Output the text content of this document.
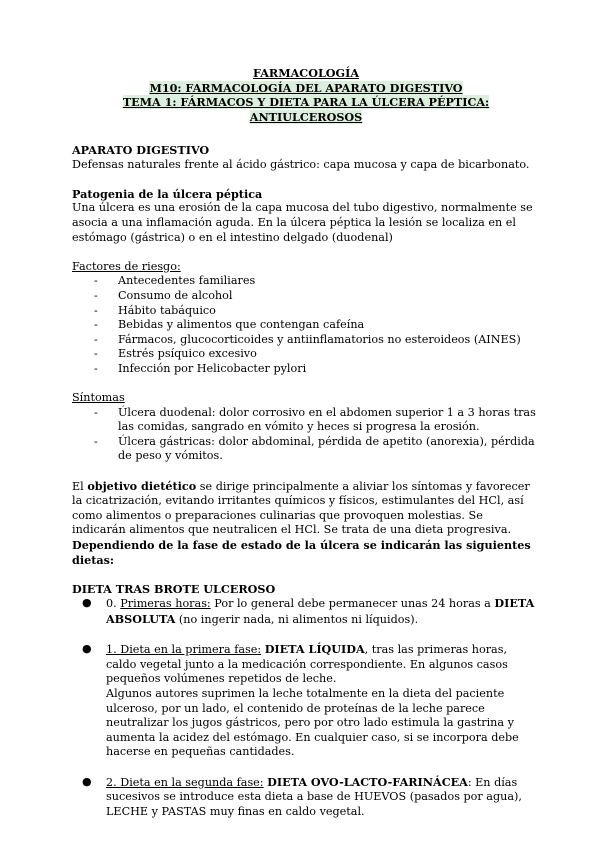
FARMACOLOGÍA

M10: FARMACOLOGÍA DEL APARATO DIGESTIVO

TEMA 1: FÁRMACOS Y DIETA PARA LA ÚLCERA PÉPTICA: ANTIULCEROSOS

APARATO DIGESTIVO

Defensas naturales frente al ácido gástrico: capa mucosa y capa de bicarbonato.

Patogenia de la úlcera péptica

Una úlcera es una erosión de la capa mucosa del tubo digestivo, normalmente se asocia a una inflamación aguda. En la úlcera péptica la lesión se localiza en el estómago (gástrica) o en el intestino delgado (duodenal)

Factores de riesgo:

- Antecedentes familiares
- Consumo de alcohol
- Hábito tabáquico
- Bebidas y alimentos que contengan cafeína
- Fármacos, glucocorticoides y antiinflamatorios no esteroideos (AINES)
- Estrés psíquico excesivo
- Infección por Helicobacter pylori

Síntomas

- Úlcera duodenal: dolor corrosivo en el abdomen superior 1 a 3 horas tras las comidas, sangrado en vómito y heces si progresa la erosión.
- Úlcera gástricas: dolor abdominal, pérdida de apetito (anorexia), pérdida de peso y vómitos.

El objetivo dietético se dirige principalmente a aliviar los síntomas y favorecer la cicatrización, evitando irritantes químicos y físicos, estimulantes del HCl, así como alimentos o preparaciones culinarias que provoquen molestias. Se indicarán alimentos que neutralicen el HCl. Se trata de una dieta progresiva.

Dependiendo de la fase de estado de la úlcera se indicarán las siguientes dietas:

DIETA TRAS BROTE ULCEROSO

● 0. Primeras horas: Por lo general debe permanecer unas 24 horas a DIETA ABSOLUTA (no ingerir nada, ni alimentos ni líquidos).
● 1. Dieta en la primera fase: DIETA LÍQUIDA, tras las primeras horas, caldo vegetal junto a la medicación correspondiente. En algunos casos pequeños volúmenes repetidos de leche.
Algunos autores suprimen la leche totalmente en la dieta del paciente ulceroso, por un lado, el contenido de proteínas de la leche parece neutralizar los jugos gástricos, pero por otro lado estimula la gastrina y aumenta la acidez del estómago. En cualquier caso, si se incorpora debe hacerse en pequeñas cantidades.
● 2. Dieta en la segunda fase: DIETA OVO-LACTO-FARINÁCEA: En días sucesivos se introduce esta dieta a base de HUEVOS (pasados por agua), LECHE y PASTAS muy finas en caldo vegetal.
